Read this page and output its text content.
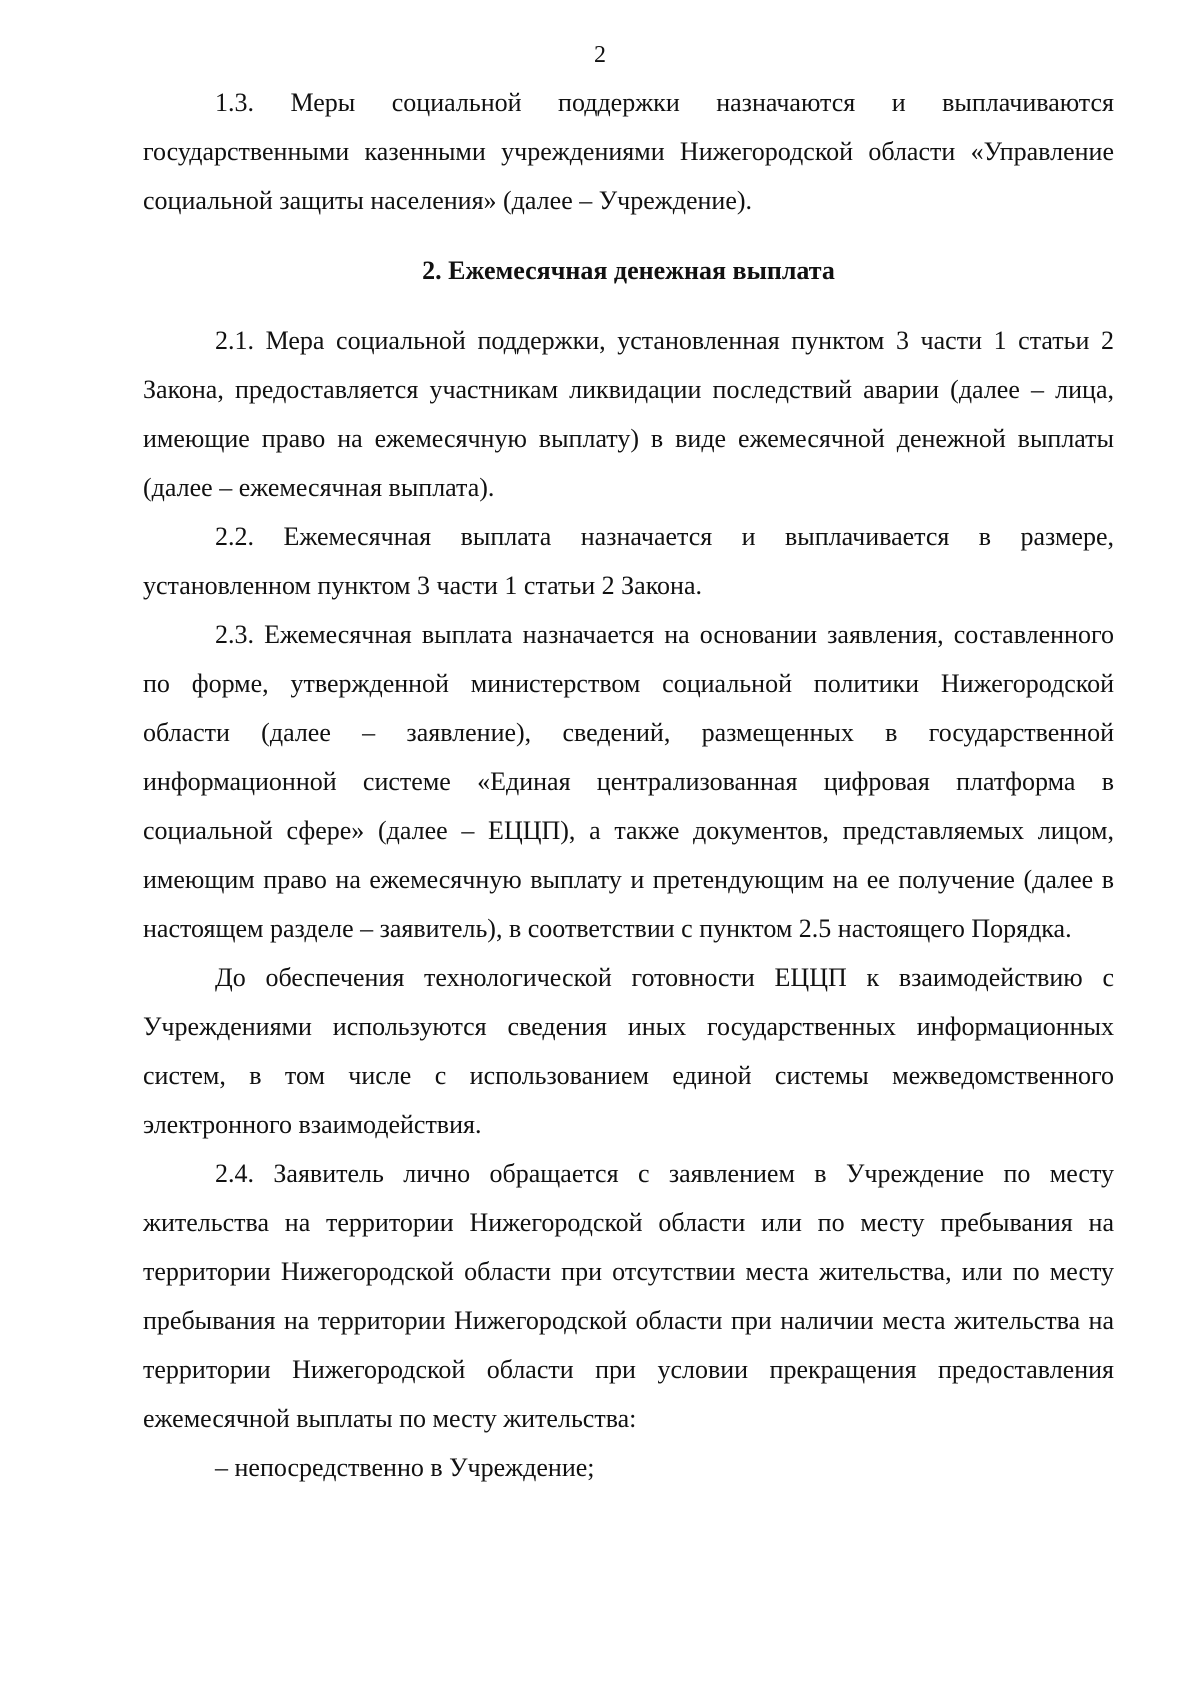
2

1.3. Меры социальной поддержки назначаются и выплачиваются государственными казенными учреждениями Нижегородской области «Управление социальной защиты населения» (далее – Учреждение).

2. Ежемесячная денежная выплата

2.1. Мера социальной поддержки, установленная пунктом 3 части 1 статьи 2 Закона, предоставляется участникам ликвидации последствий аварии (далее – лица, имеющие право на ежемесячную выплату) в виде ежемесячной денежной выплаты (далее – ежемесячная выплата).

2.2. Ежемесячная выплата назначается и выплачивается в размере, установленном пунктом 3 части 1 статьи 2 Закона.

2.3. Ежемесячная выплата назначается на основании заявления, составленного по форме, утвержденной министерством социальной политики Нижегородской области (далее – заявление), сведений, размещенных в государственной информационной системе «Единая централизованная цифровая платформа в социальной сфере» (далее – ЕЦЦП), а также документов, представляемых лицом, имеющим право на ежемесячную выплату и претендующим на ее получение (далее в настоящем разделе – заявитель), в соответствии с пунктом 2.5 настоящего Порядка.

До обеспечения технологической готовности ЕЦЦП к взаимодействию с Учреждениями используются сведения иных государственных информационных систем, в том числе с использованием единой системы межведомственного электронного взаимодействия.

2.4. Заявитель лично обращается с заявлением в Учреждение по месту жительства на территории Нижегородской области или по месту пребывания на территории Нижегородской области при отсутствии места жительства, или по месту пребывания на территории Нижегородской области при наличии места жительства на территории Нижегородской области при условии прекращения предоставления ежемесячной выплаты по месту жительства:

– непосредственно в Учреждение;
